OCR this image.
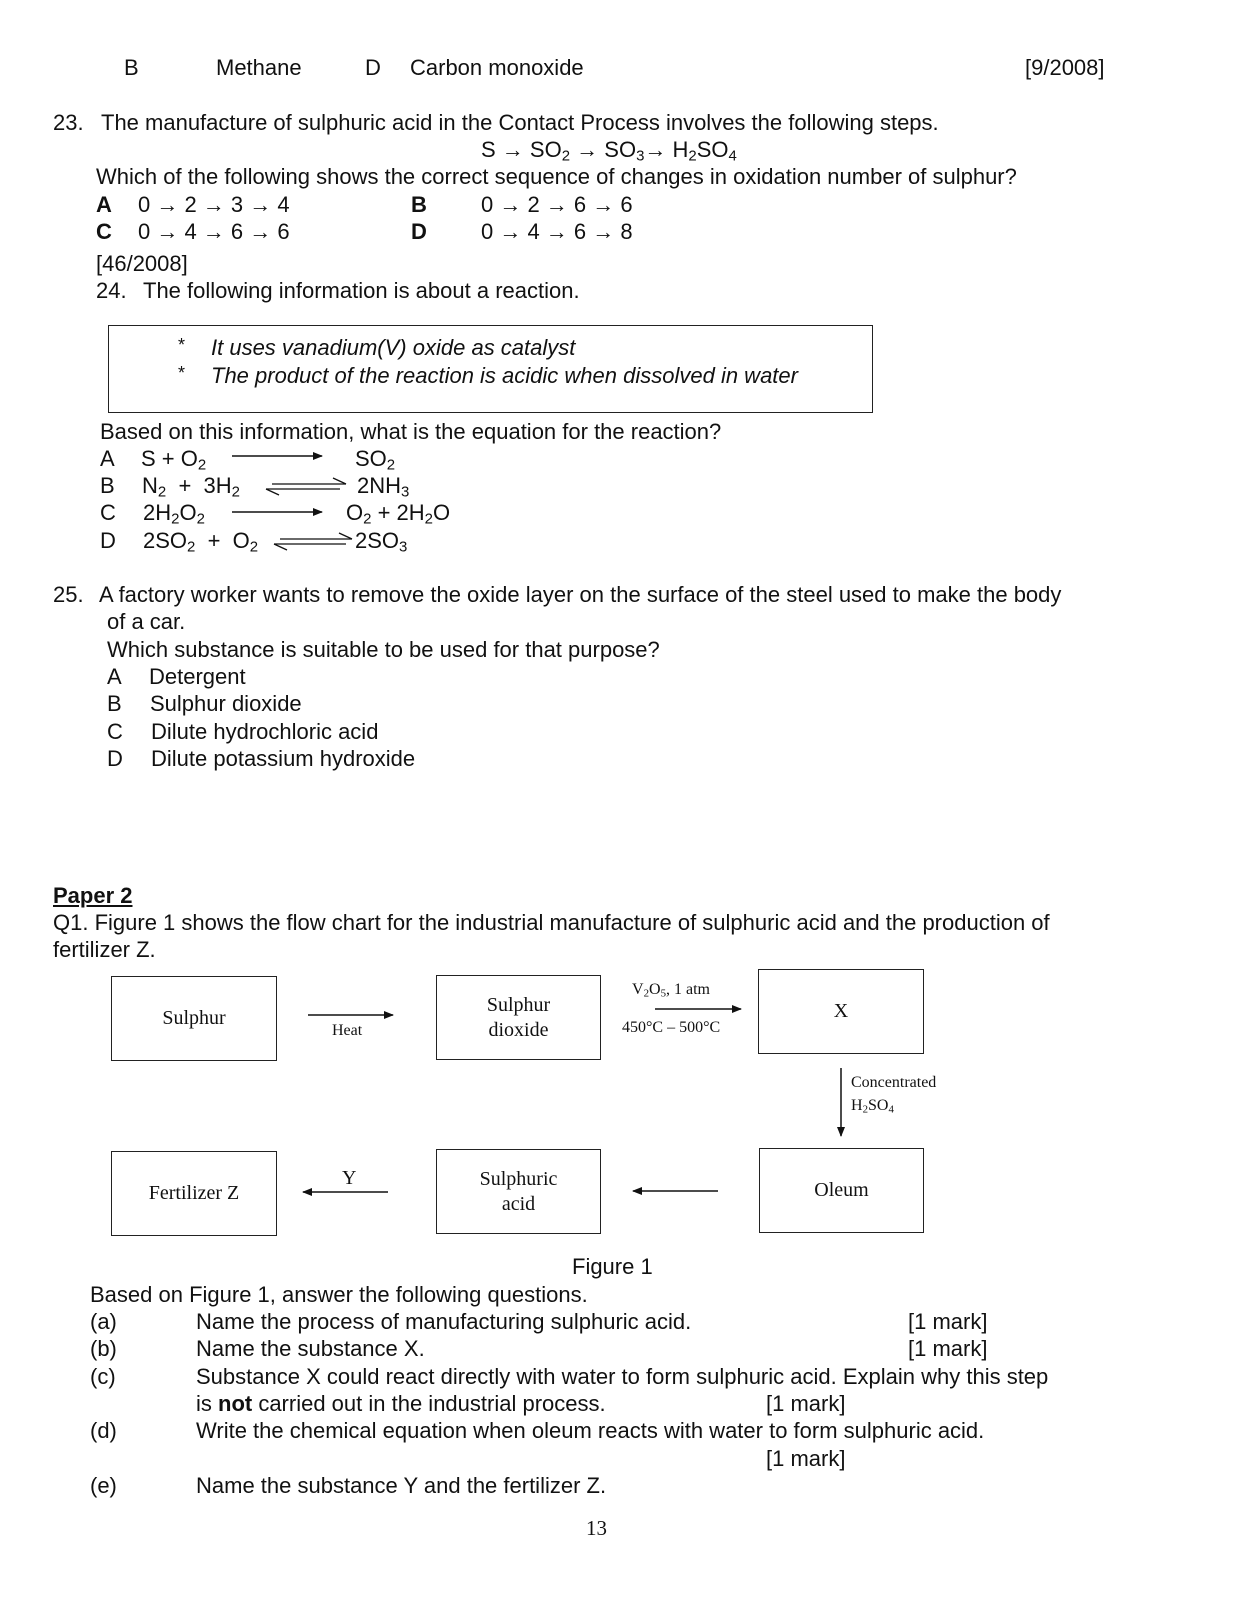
B	Methane	D Carbon monoxide	[9/2008]
23. The manufacture of sulphuric acid in the Contact Process involves the following steps.
$S \to SO_2 \to SO_3\to H_2SO_4$
Which of the following shows the correct sequence of changes in oxidation number of sulphur?
A 0 → 2 → 3 → 4	B 0 → 2 → 6 → 6
C 0 → 4 → 6 → 6	D 0 → 4 → 6 → 8
[46/2008]
24. The following information is about a reaction.
* It uses vanadium(V) oxide as catalyst
* The product of the reaction is acidic when dissolved in water
Based on this information, what is the equation for the reaction?
A $S + O_2$	$SO_2$
B $N_2 + 3H_2$	$2NH_3$
C $2H_2O_2$	$O_2 + 2H_2O$
D $2SO_2 + O_2$	$2SO_3$
25. A factory worker wants to remove the oxide layer on the surface of the steel used to make the body
of a car.
Which substance is suitable to be used for that purpose?
A Detergent
B Sulphur dioxide
C Dilute hydrochloric acid
D Dilute potassium hydroxide
Paper 2
Q1. Figure 1 shows the flow chart for the industrial manufacture of sulphuric acid and the production of
fertilizer Z.
Sulphur
Sulphur
dioxide
X
Oleum
Sulphuric
acid
Fertilizer Z
Heat
$V_2O_5$, 1 atm
450°C – 500°C
Concentrated
$H_2SO_4$
Y
Figure 1
Based on Figure 1, answer the following questions.
(a)	Name the process of manufacturing sulphuric acid.	[1 mark]
(b)	Name the substance X.	[1 mark]
(c)	Substance X could react directly with water to form sulphuric acid. Explain why this step
is not carried out in the industrial process.	[1 mark]
(d)	Write the chemical equation when oleum reacts with water to form sulphuric acid.
[1 mark]
(e)	Name the substance Y and the fertilizer Z.
13
